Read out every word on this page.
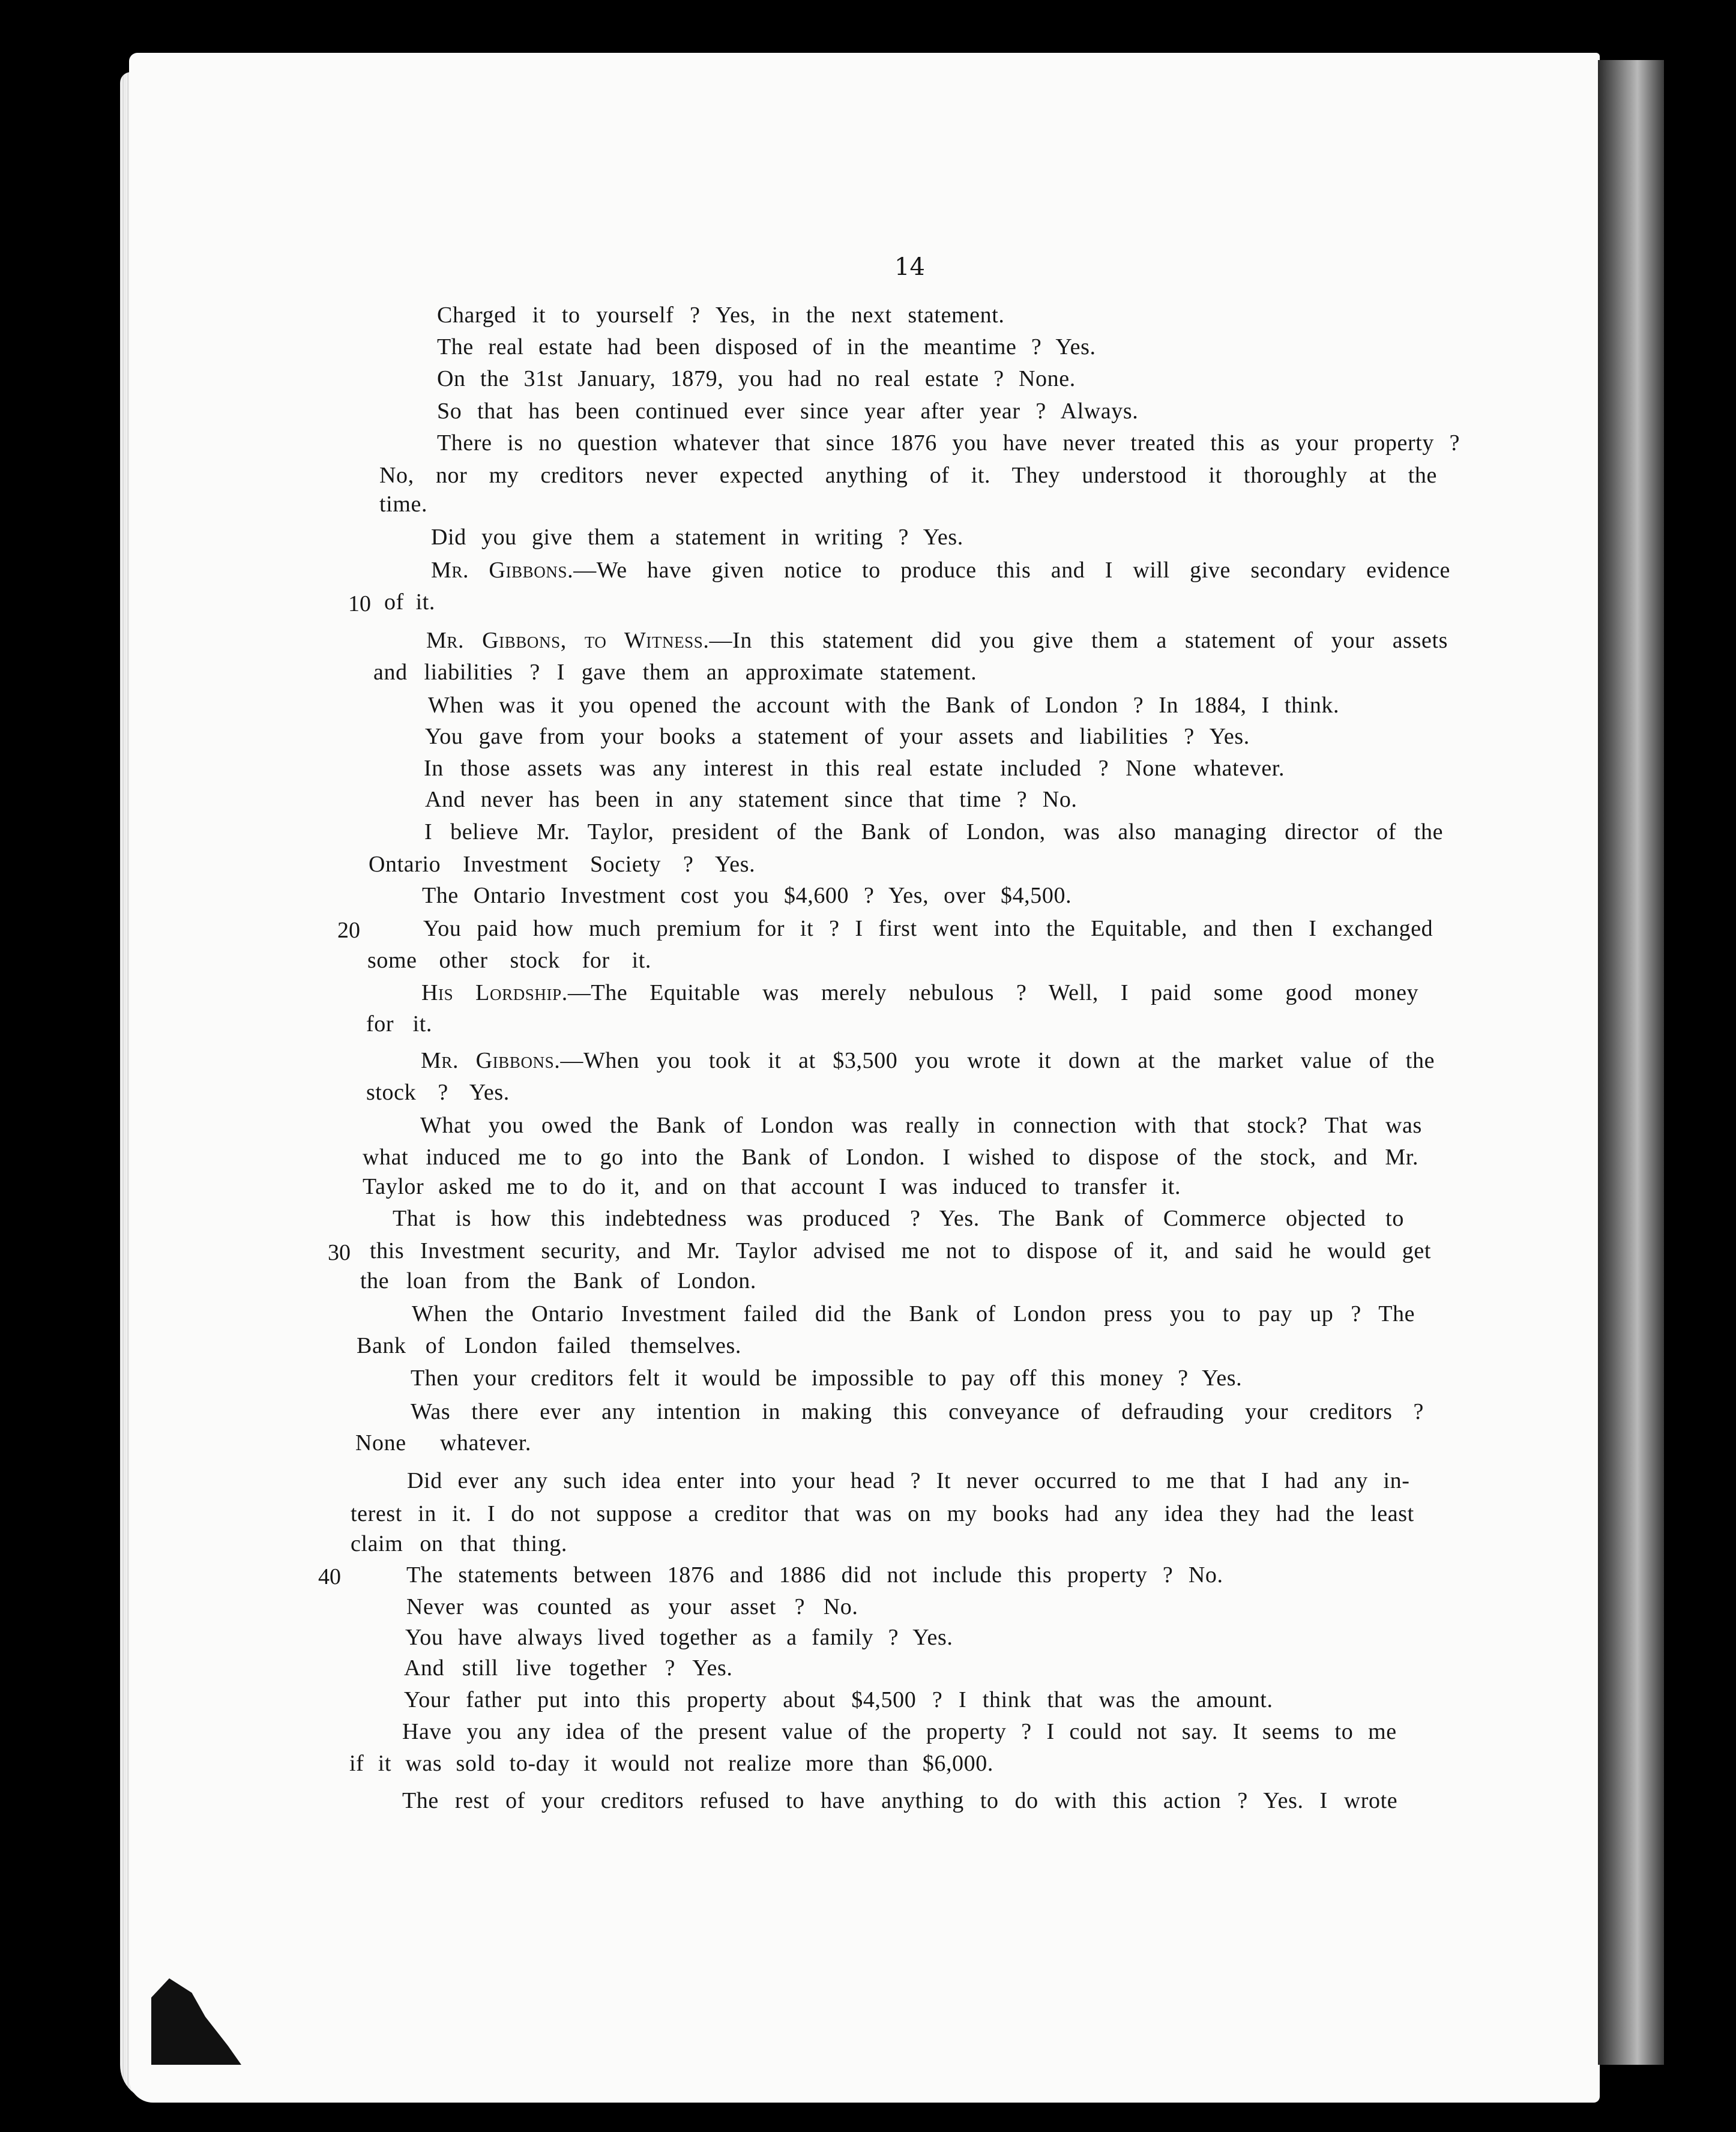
14
Charged it to yourself ? Yes, in the next statement.
The real estate had been disposed of in the meantime ? Yes.
On the 31st January, 1879, you had no real estate ? None.
So that has been continued ever since year after year ? Always.
There is no question whatever that since 1876 you have never treated this as your property ?
No, nor my creditors never expected anything of it. They understood it thoroughly at the
time.
Did you give them a statement in writing ? Yes.
Mr. Gibbons.—We have given notice to produce this and I will give secondary evidence
of it.
Mr. Gibbons, to Witness.—In this statement did you give them a statement of your assets
and liabilities ? I gave them an approximate statement.
When was it you opened the account with the Bank of London ? In 1884, I think.
You gave from your books a statement of your assets and liabilities ? Yes.
In those assets was any interest in this real estate included ? None whatever.
And never has been in any statement since that time ? No.
I believe Mr. Taylor, president of the Bank of London, was also managing director of the
Ontario Investment Society ? Yes.
The Ontario Investment cost you $4,600 ? Yes, over $4,500.
You paid how much premium for it ? I first went into the Equitable, and then I exchanged
some other stock for it.
His Lordship.—The Equitable was merely nebulous ? Well, I paid some good money
for it.
Mr. Gibbons.—When you took it at $3,500 you wrote it down at the market value of the
stock ? Yes.
What you owed the Bank of London was really in connection with that stock? That was
what induced me to go into the Bank of London. I wished to dispose of the stock, and Mr.
Taylor asked me to do it, and on that account I was induced to transfer it.
That is how this indebtedness was produced ? Yes. The Bank of Commerce objected to
this Investment security, and Mr. Taylor advised me not to dispose of it, and said he would get
the loan from the Bank of London.
When the Ontario Investment failed did the Bank of London press you to pay up ? The
Bank of London failed themselves.
Then your creditors felt it would be impossible to pay off this money ? Yes.
Was there ever any intention in making this conveyance of defrauding your creditors ?
None whatever.
Did ever any such idea enter into your head ? It never occurred to me that I had any in-
terest in it. I do not suppose a creditor that was on my books had any idea they had the least
claim on that thing.
The statements between 1876 and 1886 did not include this property ? No.
Never was counted as your asset ? No.
You have always lived together as a family ? Yes.
And still live together ? Yes.
Your father put into this property about $4,500 ? I think that was the amount.
Have you any idea of the present value of the property ? I could not say. It seems to me
if it was sold to-day it would not realize more than $6,000.
The rest of your creditors refused to have anything to do with this action ? Yes. I wrote
10
20
30
40
